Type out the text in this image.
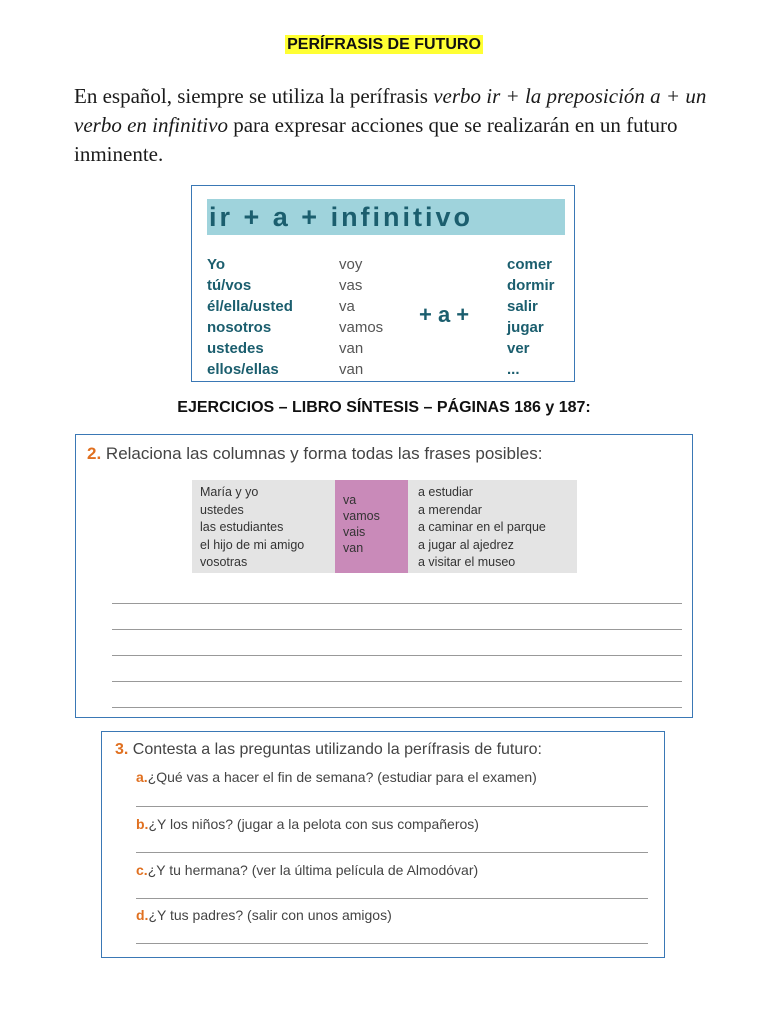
PERÍFRASIS DE FUTURO
En español, siempre se utiliza la perífrasis verbo ir + la preposición a + un verbo en infinitivo para expresar acciones que se realizarán en un futuro inminente.
ir + a + infinitivo
Yo
tú/vos
él/ella/usted
nosotros
ustedes
ellos/ellas
voy
vas
va
vamos
van
van
+ a +
comer
dormir
salir
jugar
ver
...
EJERCICIOS – LIBRO SÍNTESIS – PÁGINAS 186 y 187:
2. Relaciona las columnas y forma todas las frases posibles:
María y yo
ustedes
las estudiantes
el hijo de mi amigo
vosotras
va
vamos
vais
van
a estudiar
a merendar
a caminar en el parque
a jugar al ajedrez
a visitar el museo
3. Contesta a las preguntas utilizando la perífrasis de futuro:
a.¿Qué vas a hacer el fin de semana? (estudiar para el examen)
b.¿Y los niños? (jugar a la pelota con sus compañeros)
c.¿Y tu hermana? (ver la última película de Almodóvar)
d.¿Y tus padres? (salir con unos amigos)
